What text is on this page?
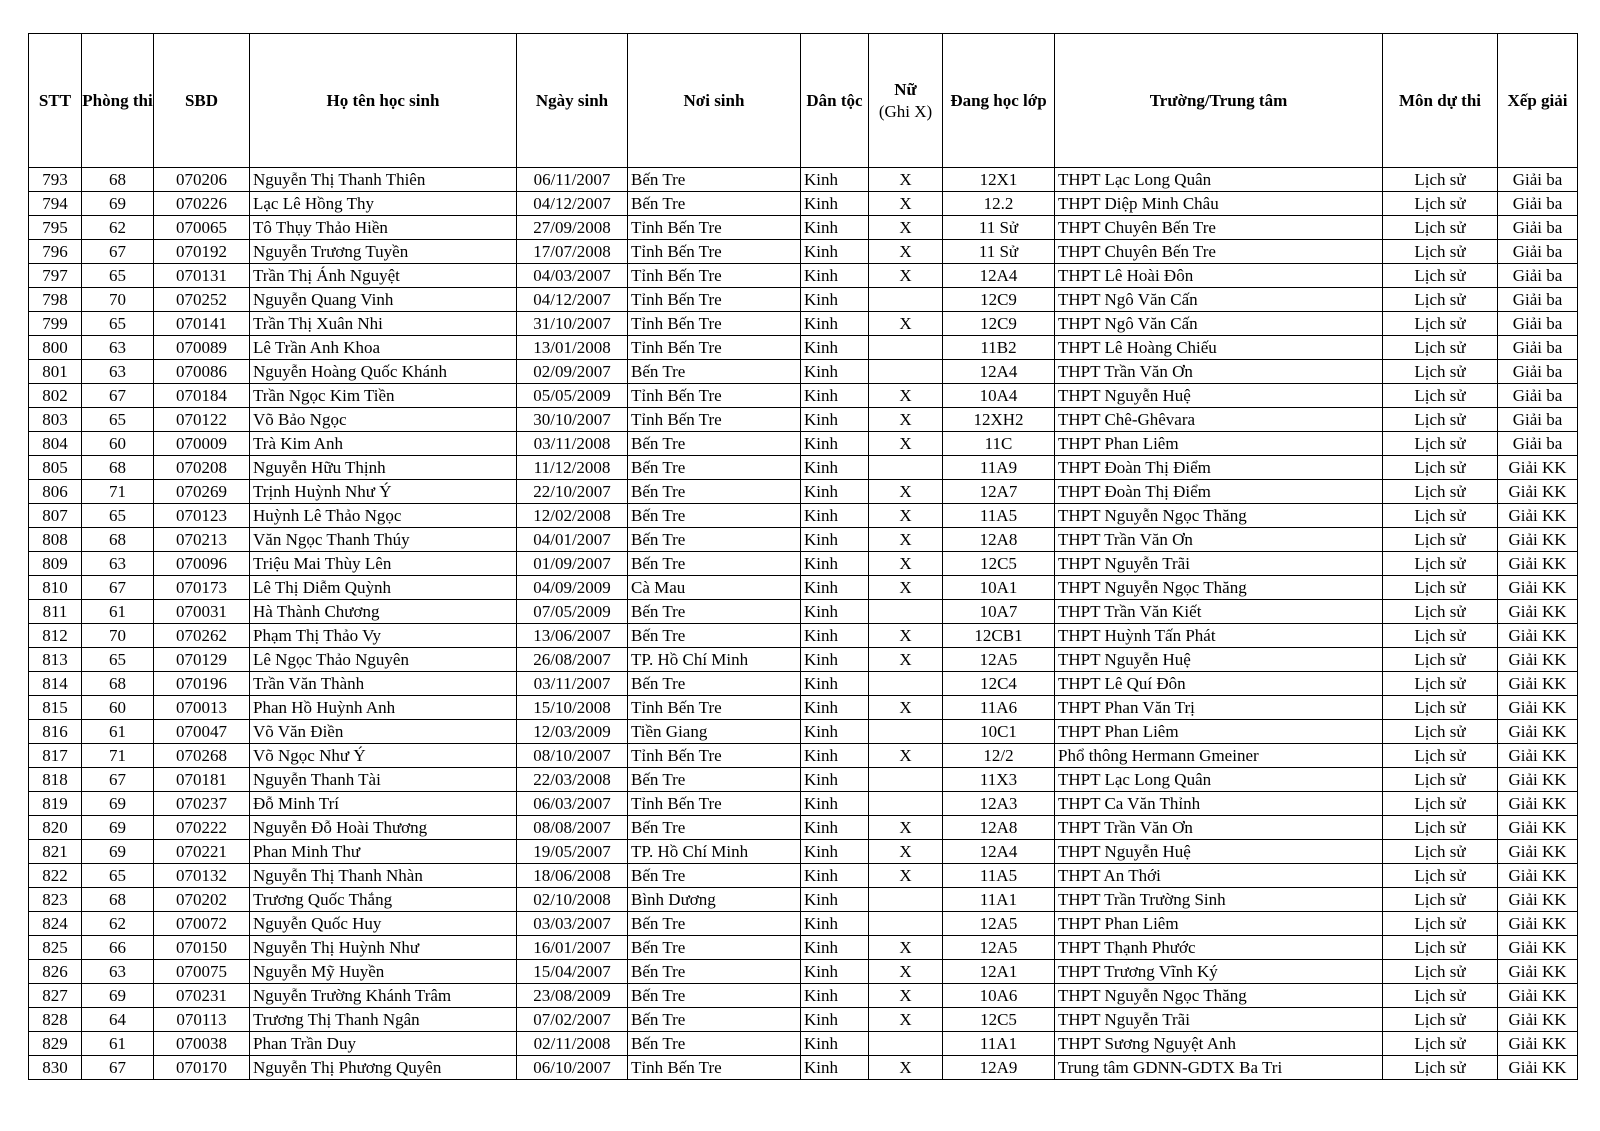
STT	Phòng thi	SBD	Họ tên học sinh	Ngày sinh	Nơi sinh	Dân tộc	Nữ
(Ghi X)	Đang học lớp	Trường/Trung tâm	Môn dự thi	Xếp giải
793	68	070206	Nguyễn Thị Thanh Thiên	06/11/2007	Bến Tre	Kinh	X	12X1	THPT Lạc Long Quân	Lịch sử	Giải ba
794	69	070226	Lạc Lê Hồng Thy	04/12/2007	Bến Tre	Kinh	X	12.2	THPT Diệp Minh Châu	Lịch sử	Giải ba
795	62	070065	Tô Thụy Thảo Hiền	27/09/2008	Tỉnh Bến Tre	Kinh	X	11 Sử	THPT Chuyên Bến Tre	Lịch sử	Giải ba
796	67	070192	Nguyễn Trương Tuyền	17/07/2008	Tỉnh Bến Tre	Kinh	X	11 Sử	THPT Chuyên Bến Tre	Lịch sử	Giải ba
797	65	070131	Trần Thị Ánh Nguyệt	04/03/2007	Tỉnh Bến Tre	Kinh	X	12A4	THPT Lê Hoài Đôn	Lịch sử	Giải ba
798	70	070252	Nguyễn Quang Vinh	04/12/2007	Tỉnh Bến Tre	Kinh		12C9	THPT Ngô Văn Cấn	Lịch sử	Giải ba
799	65	070141	Trần Thị Xuân Nhi	31/10/2007	Tỉnh Bến Tre	Kinh	X	12C9	THPT Ngô Văn Cấn	Lịch sử	Giải ba
800	63	070089	Lê Trần Anh Khoa	13/01/2008	Tỉnh Bến Tre	Kinh		11B2	THPT Lê Hoàng Chiếu	Lịch sử	Giải ba
801	63	070086	Nguyễn Hoàng Quốc Khánh	02/09/2007	Bến Tre	Kinh		12A4	THPT Trần Văn Ơn	Lịch sử	Giải ba
802	67	070184	Trần Ngọc Kim Tiền	05/05/2009	Tỉnh Bến Tre	Kinh	X	10A4	THPT Nguyễn Huệ	Lịch sử	Giải ba
803	65	070122	Võ Bảo Ngọc	30/10/2007	Tỉnh Bến Tre	Kinh	X	12XH2	THPT Chê-Ghêvara	Lịch sử	Giải ba
804	60	070009	Trà Kim Anh	03/11/2008	Bến Tre	Kinh	X	11C	THPT Phan Liêm	Lịch sử	Giải ba
805	68	070208	Nguyễn Hữu Thịnh	11/12/2008	Bến Tre	Kinh		11A9	THPT Đoàn Thị Điểm	Lịch sử	Giải KK
806	71	070269	Trịnh Huỳnh Như Ý	22/10/2007	Bến Tre	Kinh	X	12A7	THPT Đoàn Thị Điểm	Lịch sử	Giải KK
807	65	070123	Huỳnh Lê Thảo Ngọc	12/02/2008	Bến Tre	Kinh	X	11A5	THPT Nguyễn Ngọc Thăng	Lịch sử	Giải KK
808	68	070213	Văn Ngọc Thanh Thúy	04/01/2007	Bến Tre	Kinh	X	12A8	THPT Trần Văn Ơn	Lịch sử	Giải KK
809	63	070096	Triệu Mai Thùy Lên	01/09/2007	Bến Tre	Kinh	X	12C5	THPT Nguyễn Trãi	Lịch sử	Giải KK
810	67	070173	Lê Thị Diễm Quỳnh	04/09/2009	Cà Mau	Kinh	X	10A1	THPT Nguyễn Ngọc Thăng	Lịch sử	Giải KK
811	61	070031	Hà Thành Chương	07/05/2009	Bến Tre	Kinh		10A7	THPT Trần Văn Kiết	Lịch sử	Giải KK
812	70	070262	Phạm Thị Thảo Vy	13/06/2007	Bến Tre	Kinh	X	12CB1	THPT Huỳnh Tấn Phát	Lịch sử	Giải KK
813	65	070129	Lê Ngọc Thảo Nguyên	26/08/2007	TP. Hồ Chí Minh	Kinh	X	12A5	THPT Nguyễn Huệ	Lịch sử	Giải KK
814	68	070196	Trần Văn Thành	03/11/2007	Bến Tre	Kinh		12C4	THPT Lê Quí Đôn	Lịch sử	Giải KK
815	60	070013	Phan Hồ Huỳnh Anh	15/10/2008	Tỉnh Bến Tre	Kinh	X	11A6	THPT Phan Văn Trị	Lịch sử	Giải KK
816	61	070047	Võ Văn Điền	12/03/2009	Tiền Giang	Kinh		10C1	THPT Phan Liêm	Lịch sử	Giải KK
817	71	070268	Võ Ngọc Như Ý	08/10/2007	Tỉnh Bến Tre	Kinh	X	12/2	Phổ thông Hermann Gmeiner	Lịch sử	Giải KK
818	67	070181	Nguyễn Thanh Tài	22/03/2008	Bến Tre	Kinh		11X3	THPT Lạc Long Quân	Lịch sử	Giải KK
819	69	070237	Đỗ Minh Trí	06/03/2007	Tỉnh Bến Tre	Kinh		12A3	THPT Ca Văn Thỉnh	Lịch sử	Giải KK
820	69	070222	Nguyễn Đỗ Hoài Thương	08/08/2007	Bến Tre	Kinh	X	12A8	THPT Trần Văn Ơn	Lịch sử	Giải KK
821	69	070221	Phan Minh Thư	19/05/2007	TP. Hồ Chí Minh	Kinh	X	12A4	THPT Nguyễn Huệ	Lịch sử	Giải KK
822	65	070132	Nguyễn Thị Thanh Nhàn	18/06/2008	Bến Tre	Kinh	X	11A5	THPT An Thới	Lịch sử	Giải KK
823	68	070202	Trương Quốc Thắng	02/10/2008	Bình Dương	Kinh		11A1	THPT Trần Trường Sinh	Lịch sử	Giải KK
824	62	070072	Nguyễn Quốc Huy	03/03/2007	Bến Tre	Kinh		12A5	THPT Phan Liêm	Lịch sử	Giải KK
825	66	070150	Nguyễn Thị Huỳnh Như	16/01/2007	Bến Tre	Kinh	X	12A5	THPT Thạnh Phước	Lịch sử	Giải KK
826	63	070075	Nguyễn Mỹ Huyền	15/04/2007	Bến Tre	Kinh	X	12A1	THPT Trương Vĩnh Ký	Lịch sử	Giải KK
827	69	070231	Nguyễn Trường Khánh Trâm	23/08/2009	Bến Tre	Kinh	X	10A6	THPT Nguyễn Ngọc Thăng	Lịch sử	Giải KK
828	64	070113	Trương Thị Thanh Ngân	07/02/2007	Bến Tre	Kinh	X	12C5	THPT Nguyễn Trãi	Lịch sử	Giải KK
829	61	070038	Phan Trần Duy	02/11/2008	Bến Tre	Kinh		11A1	THPT Sương Nguyệt Anh	Lịch sử	Giải KK
830	67	070170	Nguyễn Thị Phương Quyên	06/10/2007	Tỉnh Bến Tre	Kinh	X	12A9	Trung tâm GDNN-GDTX Ba Tri	Lịch sử	Giải KK
